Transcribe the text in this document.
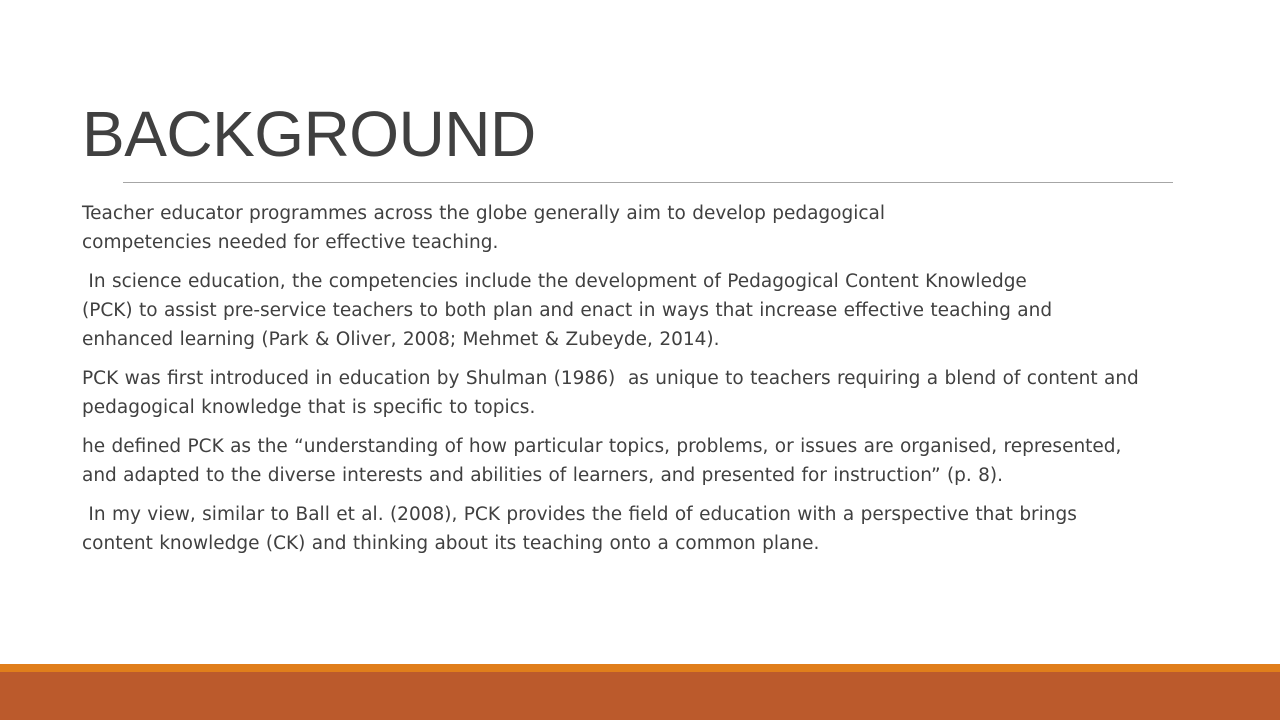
BACKGROUND

Teacher educator programmes across the globe generally aim to develop pedagogical competencies needed for effective teaching.

In science education, the competencies include the development of Pedagogical Content Knowledge (PCK) to assist pre-service teachers to both plan and enact in ways that increase effective teaching and enhanced learning (Park & Oliver, 2008; Mehmet & Zubeyde, 2014).

PCK was first introduced in education by Shulman (1986)  as unique to teachers requiring a blend of content and pedagogical knowledge that is specific to topics.

he defined PCK as the “understanding of how particular topics, problems, or issues are organised, represented, and adapted to the diverse interests and abilities of learners, and presented for instruction” (p. 8).

In my view, similar to Ball et al. (2008), PCK provides the field of education with a perspective that brings content knowledge (CK) and thinking about its teaching onto a common plane.
